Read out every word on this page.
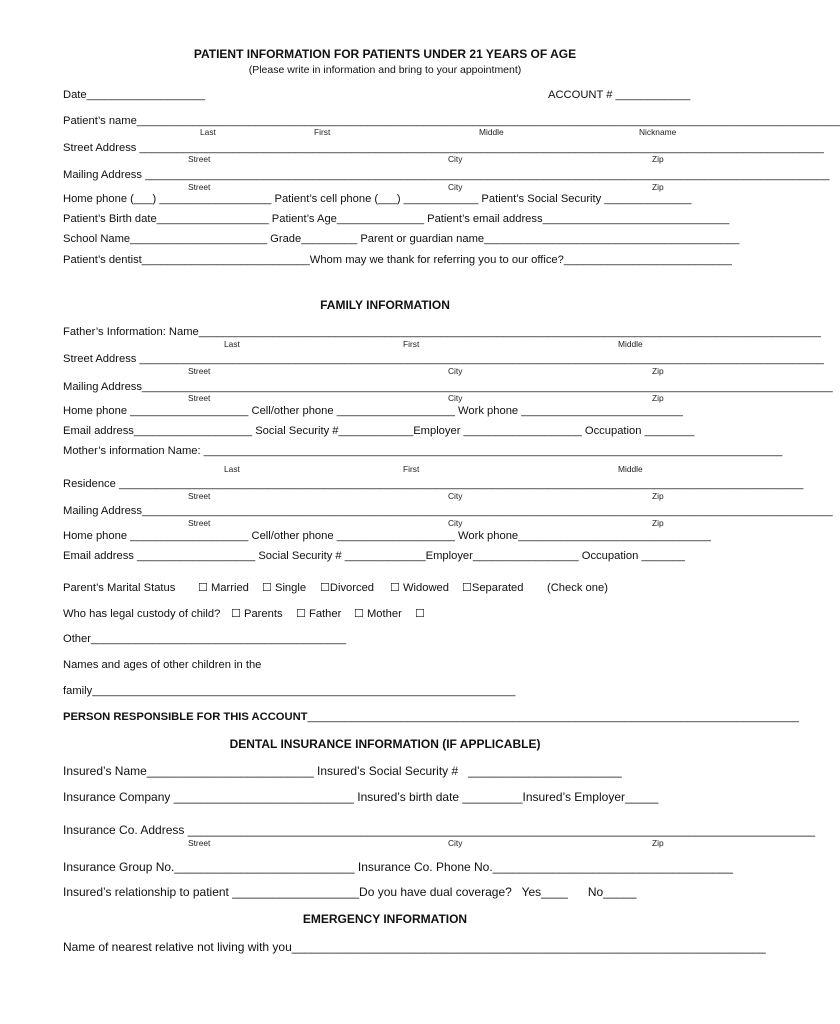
PATIENT INFORMATION FOR PATIENTS UNDER 21 YEARS OF AGE
(Please write in information and bring to your appointment)
Date___________________	ACCOUNT # ____________
Patient’s name_________________________________________________________________________________________________________________
Last	First	Middle	Nickname
Street Address ______________________________________________________________________________________________________________
Street	City	Zip
Mailing Address ______________________________________________________________________________________________________________
Street	City	Zip
Home phone (___) __________________ Patient’s cell phone (___) ____________ Patient’s Social Security ______________
Patient’s Birth date__________________ Patient’s Age______________ Patient’s email address______________________________
School Name______________________ Grade_________ Parent or guardian name_________________________________________
Patient’s dentist___________________________Whom may we thank for referring you to our office?___________________________
FAMILY INFORMATION
Father’s Information: Name____________________________________________________________________________________________________
Last	First	Middle
Street Address ______________________________________________________________________________________________________________
Street	City	Zip
Mailing Address_______________________________________________________________________________________________________________
Street	City	Zip
Home phone ___________________ Cell/other phone ___________________ Work phone __________________________
Email address___________________ Social Security #____________Employer ___________________ Occupation ________
Mother’s information Name: _____________________________________________________________________________________________
Last	First	Middle
Residence ______________________________________________________________________________________________________________
Street	City	Zip
Mailing Address_______________________________________________________________________________________________________________
Street	City	Zip
Home phone ___________________ Cell/other phone ___________________ Work phone_______________________________
Email address ___________________ Social Security # _____________Employer_________________ Occupation _______
Parent’s Marital Status ☐ Married ☐ Single ☐Divorced ☐ Widowed ☐Separated (Check one)
Who has legal custody of child? ☐ Parents ☐ Father ☐ Mother ☐
Other_________________________________________
Names and ages of other children in the
family____________________________________________________________________
PERSON RESPONSIBLE FOR THIS ACCOUNT_______________________________________________________________________________
DENTAL INSURANCE INFORMATION (IF APPLICABLE)
Insured’s Name_________________________ Insured’s Social Security #   _______________________
Insurance Company ___________________________ Insured’s birth date _________Insured’s Employer_____
Insurance Co. Address ______________________________________________________________________________________________
Street	City	Zip
Insurance Group No.___________________________ Insurance Co. Phone No.____________________________________
Insured’s relationship to patient ___________________Do you have dual coverage?   Yes____      No_____
EMERGENCY INFORMATION
Name of nearest relative not living with you_______________________________________________________________________
